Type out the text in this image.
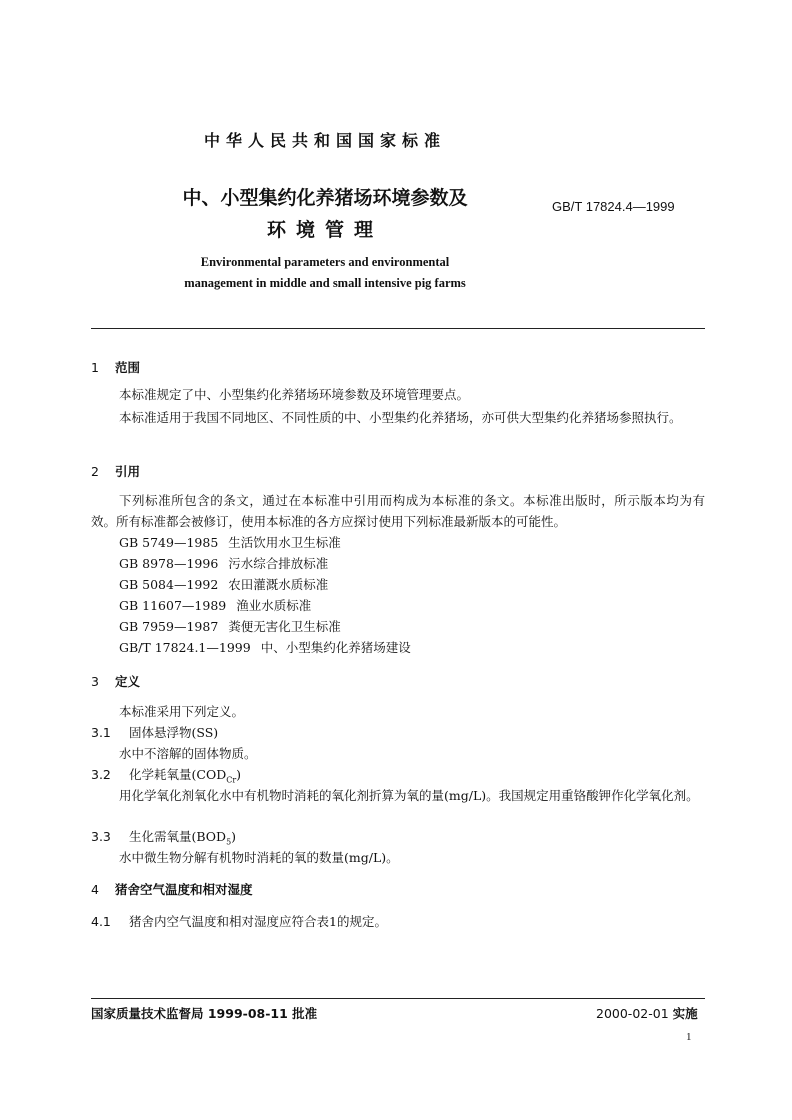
中华人民共和国国家标准
中、小型集约化养猪场环境参数及
环境管理
GB/T 17824.4—1999
Environmental parameters and environmental
management in middle and small intensive pig farms
1 范围
本标准规定了中、小型集约化养猪场环境参数及环境管理要点。
本标准适用于我国不同地区、不同性质的中、小型集约化养猪场，亦可供大型集约化养猪场参照执行。
2 引用
下列标准所包含的条文，通过在本标准中引用而构成为本标准的条文。本标准出版时，所示版本均为有效。所有标准都会被修订，使用本标准的各方应探讨使用下列标准最新版本的可能性。
GB 5749—1985 生活饮用水卫生标准
GB 8978—1996 污水综合排放标准
GB 5084—1992 农田灌溉水质标准
GB 11607—1989 渔业水质标准
GB 7959—1987 粪便无害化卫生标准
GB/T 17824.1—1999 中、小型集约化养猪场建设
3 定义
本标准采用下列定义。
3.1 固体悬浮物(SS)
水中不溶解的固体物质。
3.2 化学耗氧量$(COD_{Cr})$
用化学氧化剂氧化水中有机物时消耗的氧化剂折算为氧的量(mg/L)。我国规定用重铬酸钾作化学氧化剂。
3.3 生化需氧量$(BOD_5)$
水中微生物分解有机物时消耗的氧的数量(mg/L)。
4 猪舍空气温度和相对湿度
4.1 猪舍内空气温度和相对湿度应符合表1的规定。
国家质量技术监督局 1999-08-11 批准	2000-02-01 实施
1
